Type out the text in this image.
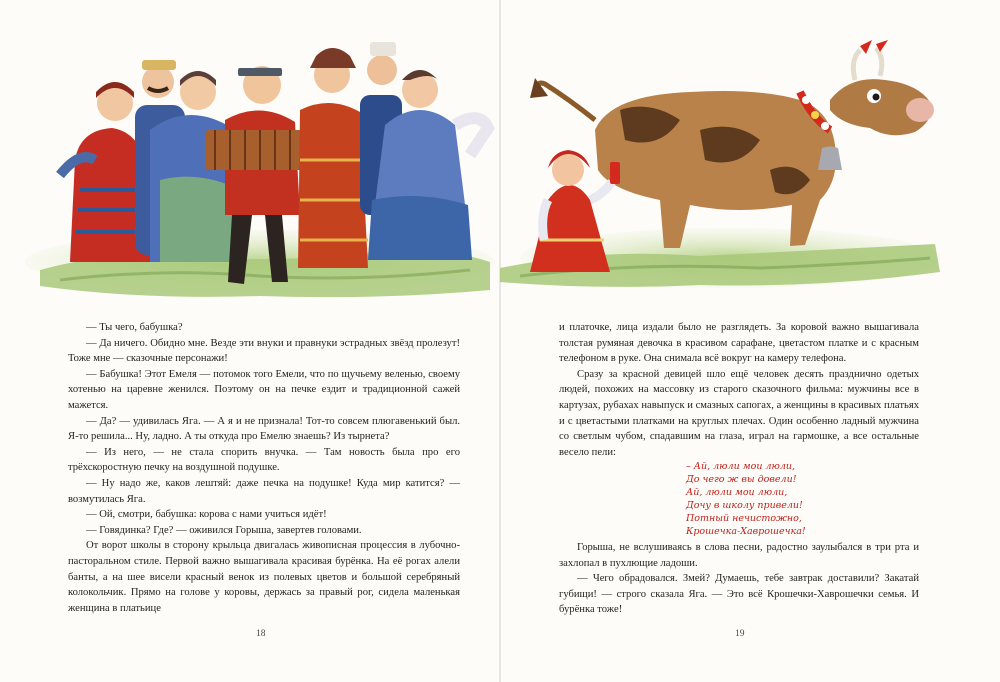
— Ты чего, бабушка?

— Да ничего. Обидно мне. Везде эти внуки и правнуки эстрадных звёзд пролезут! Тоже мне — сказочные персонажи!

— Бабушка! Этот Емеля — потомок того Емели, что по щучьему веленью, своему хотенью на царевне женился. Поэтому он на печке ездит и традиционной сажей мажется.

— Да? — удивилась Яга. — А я и не признала! Тот-то совсем плюгавенький был. Я-то решила... Ну, ладно. А ты откуда про Емелю знаешь? Из тырнета?

— Из него, — не стала спорить внучка. — Там новость была про его трёхскоростную печку на воздушной подушке.

— Ну надо же, каков лештяй: даже печка на подушке! Куда мир катится? — возмутилась Яга.

— Ой, смотри, бабушка: корова с нами учиться идёт!

— Говядинка? Где? — оживился Горыша, завертев головами.

От ворот школы в сторону крыльца двигалась живописная процессия в лубочно-пасторальном стиле. Первой важно вышагивала красивая бурёнка. На её рогах алели банты, а на шее висели красный венок из полевых цветов и большой серебряный колокольчик. Прямо на голове у коровы, держась за правый рог, сидела маленькая женщина в платьице

и платочке, лица издали было не разглядеть. За коровой важно вышагивала толстая румяная девочка в красивом сарафане, цветастом платке и с красным телефоном в руке. Она снимала всё вокруг на камеру телефона.

Сразу за красной девицей шло ещё человек десять празднично одетых людей, похожих на массовку из старого сказочного фильма: мужчины все в картузах, рубахах навыпуск и смазных сапогах, а женщины в красивых платьях и с цветастыми платками на круглых плечах. Один особенно ладный мужчина со светлым чубом, спадавшим на глаза, играл на гармошке, а все остальные весело пели:

– Ай, люли мои люли,
До чего ж вы довели!
Ай, люли мои люли,
Дочу в школу привели!
Потный нечистожно,
Крошечка-Хаврошечка!

Горыша, не вслушиваясь в слова песни, радостно заулыбался в три рта и захлопал в пухлющие ладоши.

— Чего обрадовался. Змей? Думаешь, тебе завтрак доставили? Закатай губищи! — строго сказала Яга. — Это всё Крошечки-Хаврошечки семья. И бурёнка тоже!

18	19
